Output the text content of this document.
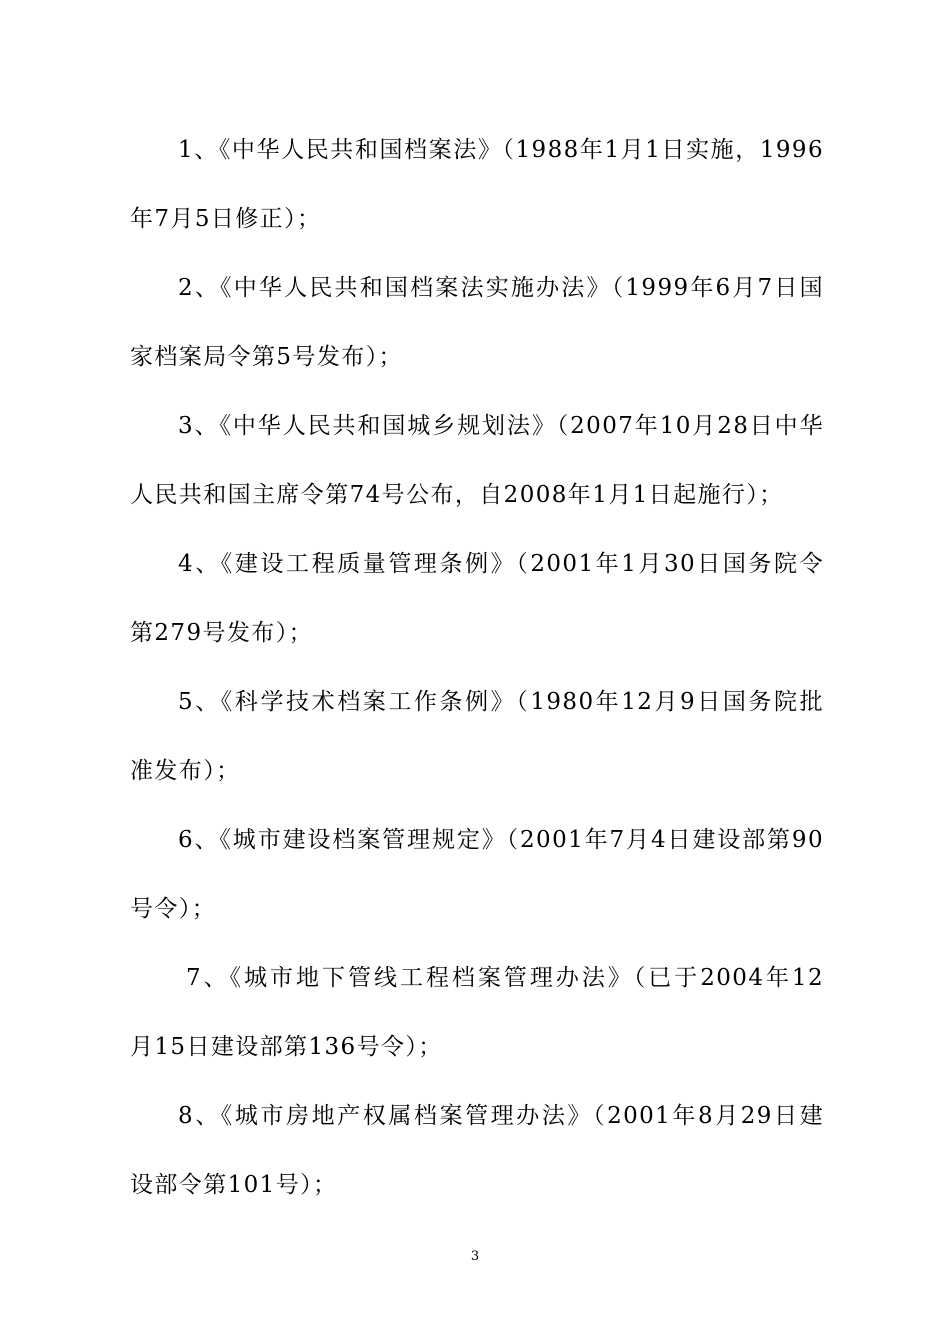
1、《中华人民共和国档案法》（1988年1月1日实施，1996
年7月5日修正）；
2、《中华人民共和国档案法实施办法》（1999年6月7日国
家档案局令第5号发布）；
3、《中华人民共和国城乡规划法》（2007年10月28日中华
人民共和国主席令第74号公布，自2008年1月1日起施行）；
4、《建设工程质量管理条例》（2001年1月30日国务院令
第279号发布）；
5、《科学技术档案工作条例》（1980年12月9日国务院批
准发布）；
6、《城市建设档案管理规定》（2001年7月4日建设部第90
号令）；
7、《城市地下管线工程档案管理办法》（已于2004年12
月15日建设部第136号令）；
8、《城市房地产权属档案管理办法》（2001年8月29日建
设部令第101号）；
3
